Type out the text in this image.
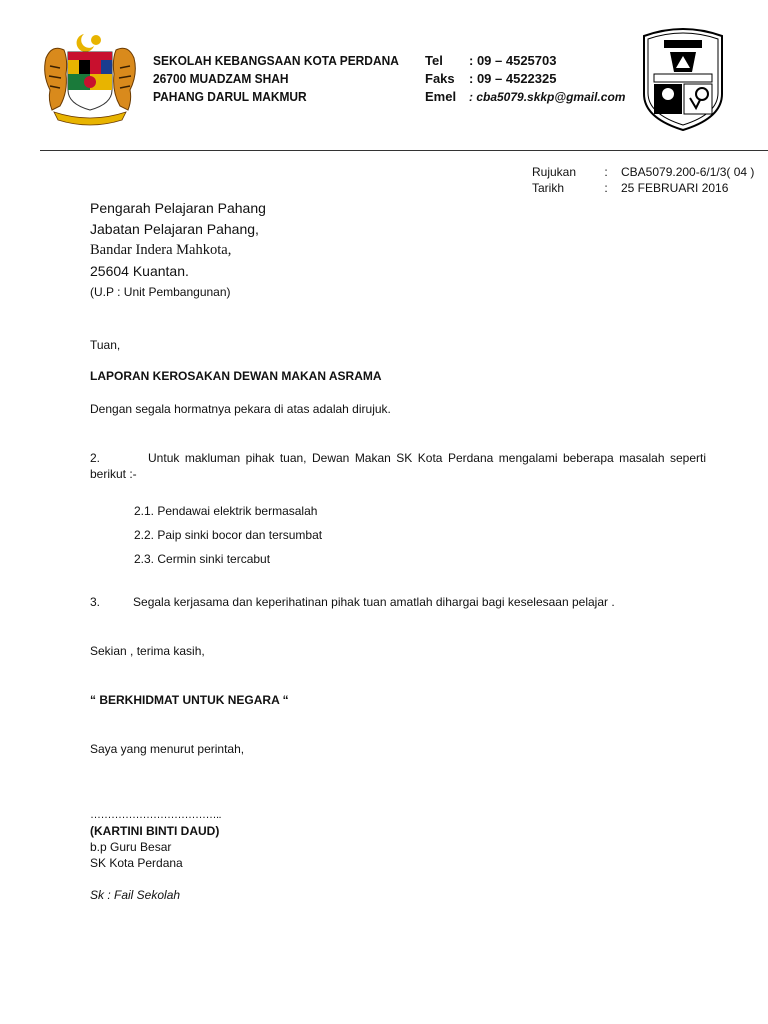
SEKOLAH KEBANGSAAN KOTA PERDANA
26700 MUADZAM SHAH
PAHANG DARUL MAKMUR
Tel	: 09 – 4525703
Faks	: 09 – 4522325
Emel	: cba5079.skkp@gmail.com
Rujukan	:	CBA5079.200-6/1/3( 04 )
Tarikh	:	25 FEBRUARI 2016
Pengarah Pelajaran Pahang
Jabatan Pelajaran Pahang,
Bandar Indera Mahkota,
25604 Kuantan.
(U.P : Unit Pembangunan)
Tuan,
LAPORAN KEROSAKAN DEWAN MAKAN ASRAMA
Dengan segala hormatnya pekara di atas adalah dirujuk.
2.	Untuk makluman pihak tuan, Dewan Makan SK Kota Perdana mengalami beberapa masalah seperti berikut :-
2.1. Pendawai elektrik bermasalah
2.2. Paip sinki bocor dan tersumbat
2.3. Cermin sinki tercabut
3.	Segala kerjasama dan keperihatinan pihak tuan amatlah dihargai bagi keselesaan pelajar .
Sekian , terima kasih,
“ BERKHIDMAT UNTUK NEGARA “
Saya yang menurut perintah,
………………………………..
(KARTINI BINTI DAUD)
b.p Guru Besar
SK Kota Perdana
Sk : Fail Sekolah
